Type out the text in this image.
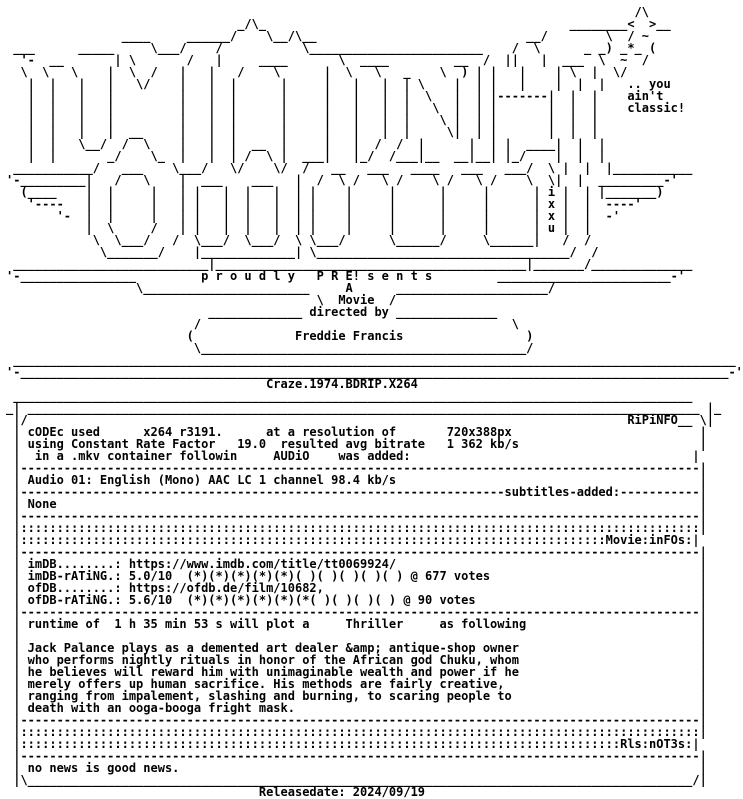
/\
_/\_                                          ________<  >__
____     ______/    \__/\__                             __/        \  / ~
___      _____     \___/    /           \________________________    /  \      _ _) _*_ (
'-  __       | \       /   |     ____       \  ____         __  /  ||   |  ___  \  ~  /
\  \   \    |  \  /   |   |   /    \      |  \   \   _    \  ) | |   |    | \  |  \/
|  |   |   |   \/    |   |  |      |     |   |   |  | \    |  | |   |    |  |  |   .. you
|  |   |   |         |   |  |      |     |   |   |  |  \   |  | |-------|  |  |    ain't
|  |   |   |         |   |  |      |     |   |   |  |   \  |  | |       |  |  |    classic!
|  |   |   |         |   |  |      |     |   |   |  |    \ |  | |       |  |  |
|  |   |   |  __     |   |  |      |     |   |   |  |     \|  | |       |  |  |
|  |   \__/  /  \    |   |  |  __  |     |   |  /  /  |      |  | |  ____|  |  |
|  |       _/    \_  |   |  | /  \ |  ___|   |_/  /___|__  __|__| |_/    |  |  |
___________/   ___    \___/   \/    \/  /   __   ___   ____   ___   ___/  \ |  |  |___________
'-_________|   /   \    |  ___    ___   |  /  \ /   \ /    \ /   \ /    \  \|  |  _________-'
(____    |  |     |   | |   |  |   |  | |    |     |      |     |      | i |  | |_______)
'----   |  |     |   | |   |  |   |  | |    |     |      |     |      | x |  |  ----'
'-  |  |     |   | |   |  |   |  | |    |     |      |     |      | x |  |  -'
|  \     /   | |   |  |   |  | |    |     |      |     |      | u |  |
\  \___/   /  \___/  \___/  \ \___/      \______/     \______|   /  /
\_______/    |_____________| \___________________________________/  /
___________________________|___________________________________________|_______/______________
'-________________         p r o u d l y   P R E! s e n t s         ________________________-'
\_______________________     A      _____________________/
\  Movie  /
_____________ directed by ______________
/                                           \
(              Freddie Francis                 )
\_____________________________________________/
____________________________________________________________________________________________________
'-__________________________________________________________________________________________________-'
Craze.1974.BDRIP.X264
______________________________________________________________________________________________
_| _____________________________________________________________________________________________ |_
|/                                                                                   RiPiNFO__ \|
| cODEc used      x264 r3191.      at a resolution of       720x388px                          |
| using Constant Rate Factor   19.0  resulted avg bitrate   1 362 kb/s                         |
|  in a .mkv container followin     AUDiO    was added:                                       |
|----------------------------------------------------------------------------------------------|
| Audio 01: English (Mono) AAC LC 1 channel 98.4 kb/s                                          |
|-------------------------------------------------------------------subtitles-added:-----------|
| None                                                                                         |
|----------------------------------------------------------------------------------------------|
|::::::::::::::::::::::::::::::::::::::::::::::::::::::::::::::::::::::::::::::::::::::::::::::|
|:::::::::::::::::::::::::::::::::::::::::::::::::::::::::::::::::::::::::::::::::Movie:inFOs:|
|----------------------------------------------------------------------------------------------|
| imDB........: https://www.imdb.com/title/tt0069924/                                          |
| imDB-rATiNG.: 5.0/10  (*)(*)(*)(*)(*)( )( )( )( )( ) @ 677 votes                             |
| ofDB........: https://ofdb.de/film/10682,                                                    |
| ofDB-rATiNG.: 5.6/10  (*)(*)(*)(*)(*)(*( )( )( )( ) @ 90 votes                               |
|----------------------------------------------------------------------------------------------|
| runtime of  1 h 35 min 53 s will plot a     Thriller     as following                        |
|                                                                                              |
| Jack Palance plays as a demented art dealer &amp; antique-shop owner                         |
| who performs nightly rituals in honor of the African god Chuku, whom                         |
| he believes will reward him with unimaginable wealth and power if he                         |
| merely offers up human sacrifice. His methods are fairly creative,                           |
| ranging from impalement, slashing and burning, to scaring people to                          |
| death with an ooga-booga fright mask.                                                        |
|----------------------------------------------------------------------------------------------|
|::::::::::::::::::::::::::::::::::::::::::::::::::::::::::::::::::::::::::::::::::::::::::::::|
|:::::::::::::::::::::::::::::::::::::::::::::::::::::::::::::::::::::::::::::::::::Rls:nOT3s:|
|----------------------------------------------------------------------------------------------|
| no news is good news.                                                                        |
|\____________________________________________________________________________________________/|
Releasedate: 2024/09/19
